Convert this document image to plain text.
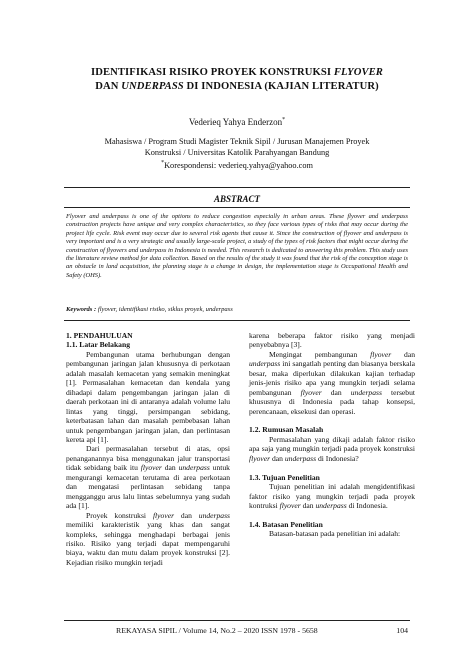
IDENTIFIKASI RISIKO PROYEK KONSTRUKSI FLYOVER
DAN UNDERPASS DI INDONESIA (KAJIAN LITERATUR)
Vederieq Yahya Enderzon*
Mahasiswa / Program Studi Magister Teknik Sipil / Jurusan Manajemen Proyek
Konstruksi / Universitas Katolik Parahyangan Bandung
*Korespondensi: vederieq.yahya@yahoo.com
ABSTRACT
Flyover and underpass is one of the options to reduce congestion especially in urban areas. These flyover and underpass construction projects have unique and very complex characteristics, so they face various types of risks that may occur during the project life cycle. Risk event may occur due to several risk agents that cause it. Since the construction of flyover and underpass is very important and is a very strategic and usually large-scale project, a study of the types of risk factors that might occur during the construction of flyovers and underpass in Indonesia is needed. This research is dedicated to answering this problem. This study uses the literature review method for data collection. Based on the results of the study it was found that the risk of the conception stage is an obstacle in land acquisition, the planning stage is a change in design, the implementation stage is Occupational Health and Safety (OHS).
Keywords : flyover, identifikasi risiko, siklus proyek, underpass
1. PENDAHULUAN
1.1. Latar Belakang

Pembangunan utama berhubungan dengan pembangunan jaringan jalan khususnya di perkotaan adalah masalah kemacetan yang semakin meningkat [1]. Permasalahan kemacetan dan kendala yang dihadapi dalam pengembangan jaringan jalan di daerah perkotaan ini di antaranya adalah volume lalu lintas yang tinggi, persimpangan sebidang, keterbatasan lahan dan masalah pembebasan lahan untuk pengembangan jaringan jalan, dan perlintasan kereta api [1].

Dari permasalahan tersebut di atas, opsi penanganannya bisa menggunakan jalur transportasi tidak sebidang baik itu flyover dan underpass untuk mengurangi kemacetan terutama di area perkotaan dan mengatasi perlintasan sebidang tanpa mengganggu arus lalu lintas sebelumnya yang sudah ada [1].

Proyek konstruksi flyover dan underpass memiliki karakteristik yang khas dan sangat kompleks, sehingga menghadapi berbagai jenis risiko. Risiko yang terjadi dapat mempengaruhi biaya, waktu dan mutu dalam proyek konstruksi [2]. Kejadian risiko mungkin terjadi

karena beberapa faktor risiko yang menjadi penyebabnya [3].

Mengingat pembangunan flyover dan underpass ini sangatlah penting dan biasanya berskala besar, maka diperlukan dilakukan kajian terhadap jenis-jenis risiko apa yang mungkin terjadi selama pembangunan flyover dan underpass tersebut khususnya di Indonesia pada tahap konsepsi, perencanaan, eksekusi dan operasi.

1.2. Rumusan Masalah

Permasalahan yang dikaji adalah faktor risiko apa saja yang mungkin terjadi pada proyek konstruksi flyover dan underpass di Indonesia?

1.3. Tujuan Penelitian

Tujuan penelitian ini adalah mengidentifikasi faktor risiko yang mungkin terjadi pada proyek kontruksi flyover dan underpass di Indonesia.

1.4. Batasan Penelitian

Batasan-batasan pada penelitian ini adalah:

REKAYASA SIPIL / Volume 14, No.2 – 2020 ISSN 1978 - 5658	104
